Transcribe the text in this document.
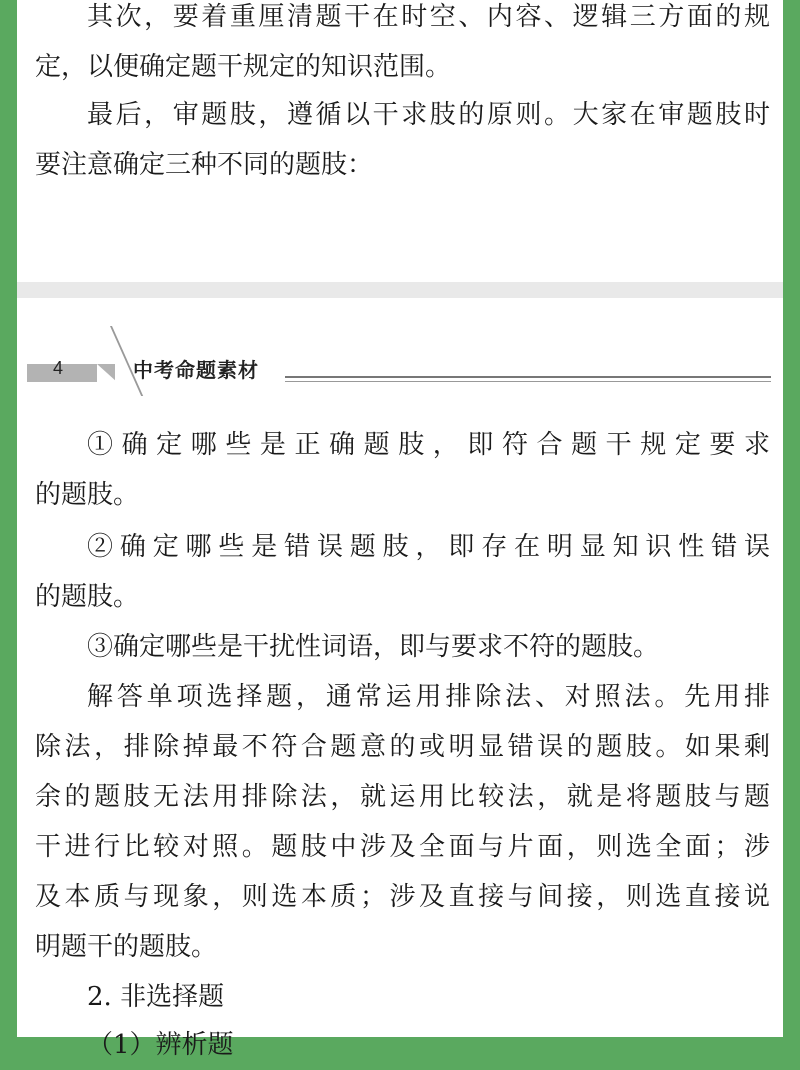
其次，要着重厘清题干在时空、内容、逻辑三方面的规

定，以便确定题干规定的知识范围。

最后，审题肢，遵循以干求肢的原则。大家在审题肢时

要注意确定三种不同的题肢：

4	中考命题素材

①确定哪些是正确题肢，即符合题干规定要求

的题肢。

②确定哪些是错误题肢，即存在明显知识性错误

的题肢。

③确定哪些是干扰性词语，即与要求不符的题肢。

解答单项选择题，通常运用排除法、对照法。先用排

除法，排除掉最不符合题意的或明显错误的题肢。如果剩

余的题肢无法用排除法，就运用比较法，就是将题肢与题

干进行比较对照。题肢中涉及全面与片面，则选全面；涉

及本质与现象，则选本质；涉及直接与间接，则选直接说

明题干的题肢。

2. 非选择题

（1）辨析题
